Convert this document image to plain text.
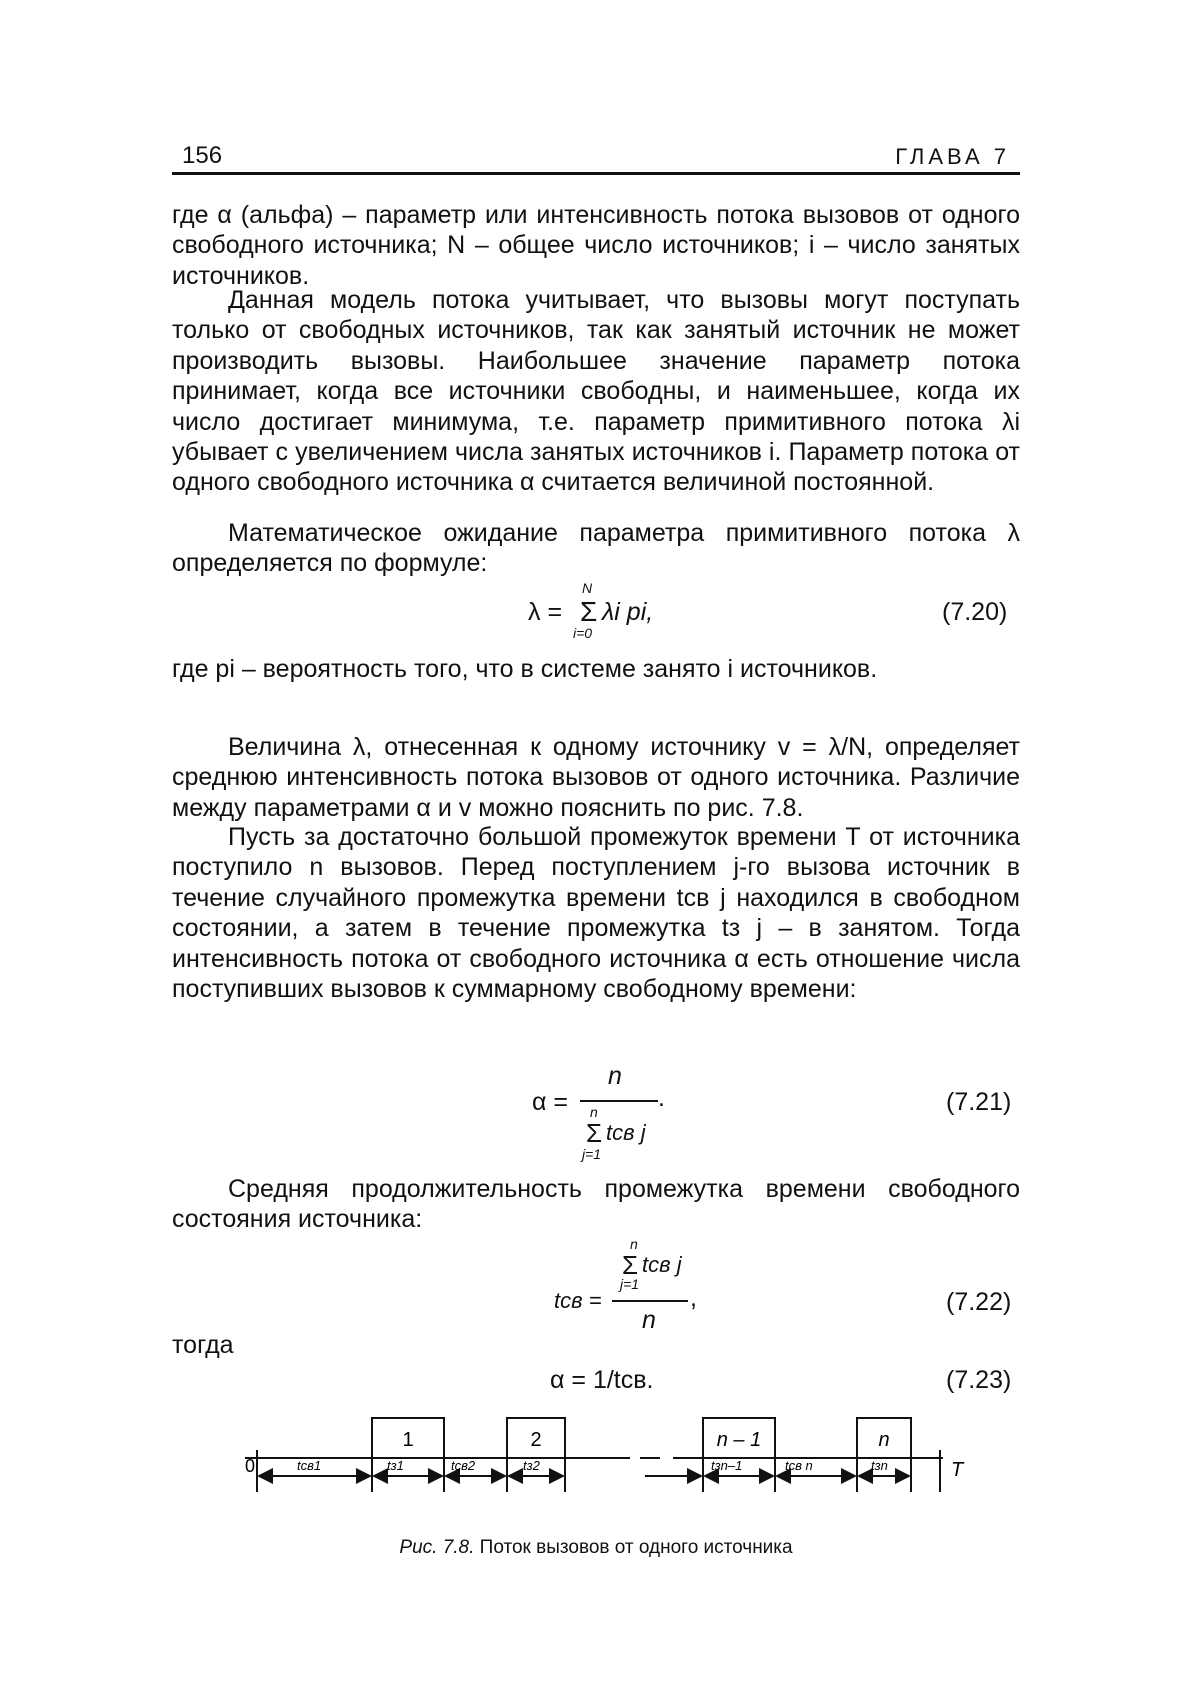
156	ГЛАВА 7

где α (альфа) – параметр или интенсивность потока вызовов от одного свободного источника; N – общее число источников; i – число занятых источников.

Данная модель потока учитывает, что вызовы могут поступать только от свободных источников, так как занятый источник не может производить вызовы. Наибольшее значение параметр потока принимает, когда все источники свободны, и наименьшее, когда их число достигает минимума, т.е. параметр примитивного потока λi убывает с увеличением числа занятых источников i. Параметр потока от одного свободного источника α считается величиной постоянной.

Математическое ожидание параметра примитивного потока λ определяется по формуле:

λ =
N
Σ
i=0
λi pi,	(7.20)

где pi – вероятность того, что в системе занято i источников.

Величина λ, отнесенная к одному источнику v = λ/N, определяет среднюю интенсивность потока вызовов от одного источника. Различие между параметрами α и v можно пояснить по рис. 7.8.

Пусть за достаточно большой промежуток времени T от источника поступило n вызовов. Перед поступлением j-го вызова источник в течение случайного промежутка времени tсв j находился в свободном состоянии, а затем в течение промежутка tз j – в занятом. Тогда интенсивность потока от свободного источника α есть отношение числа поступивших вызовов к суммарному свободному времени:

α =
n
.
n
Σ tсв j
j=1
(7.21)

Средняя продолжительность промежутка времени свободного состояния источника:

n
Σ tсв j
j=1
tсв =	,
n
(7.22)

тогда

α = 1/tсв.	(7.23)
1	2	n – 1	n
tсв1	tз1	tсв2	tз2	tзn–1	tсв n	tзn
0	T
Рис. 7.8. Поток вызовов от одного источника
